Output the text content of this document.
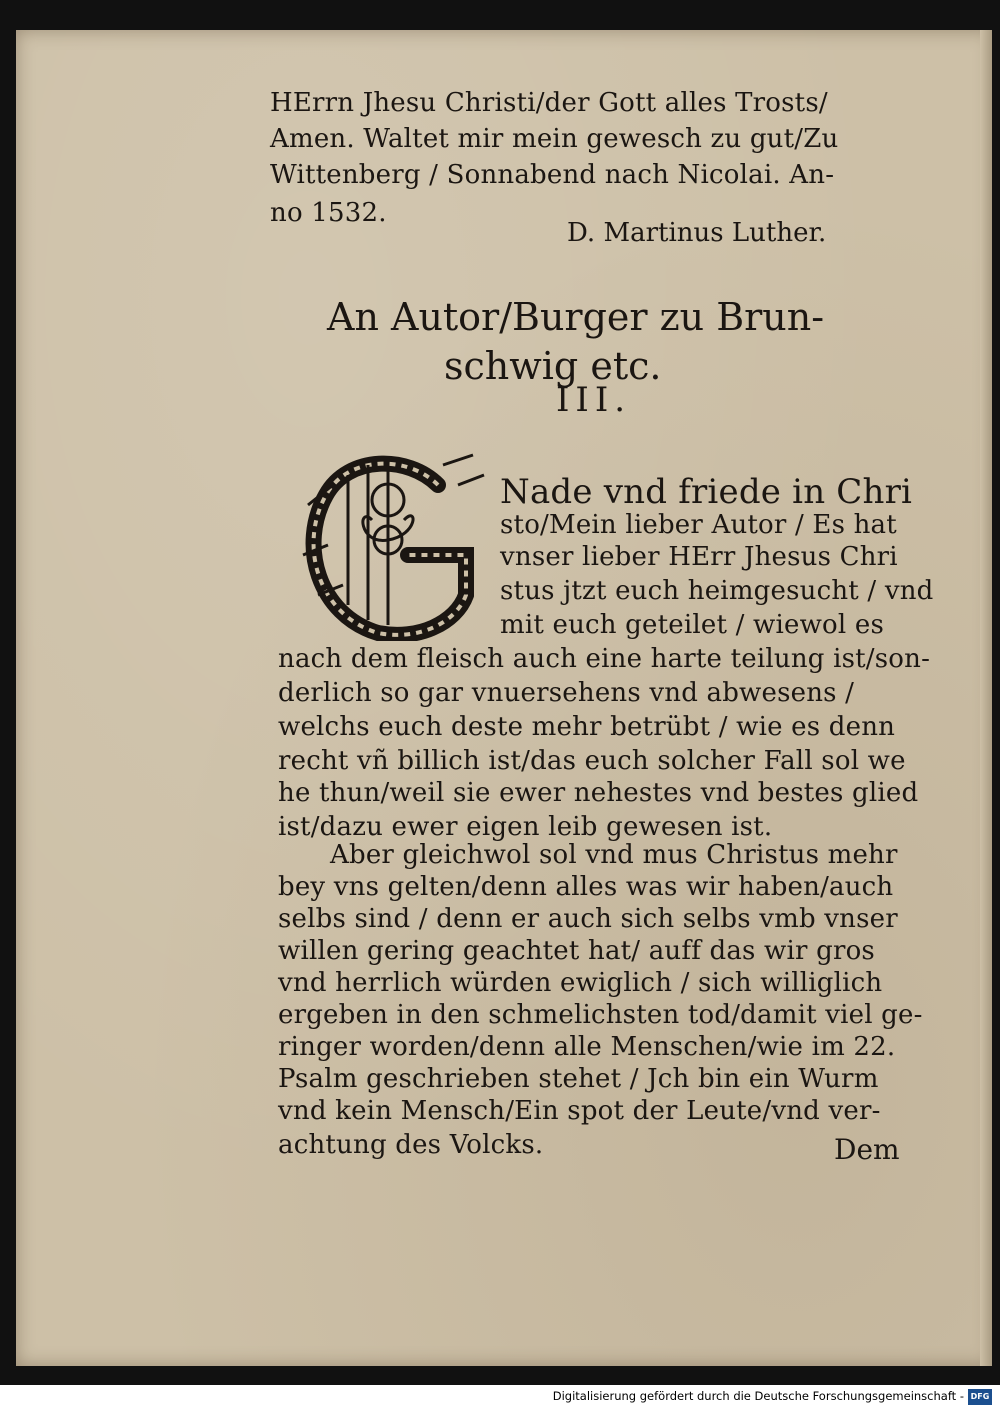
HErrn Jhesu Christi/der Gott alles Trosts/
Amen. Waltet mir mein gewesch zu gut/Zu
Wittenberg / Sonnabend nach Nicolai. An-
no 1532.
D. Martinus Luther.
An Autor/Burger zu Brun-
schwig etc.
III.
Nade vnd friede in Chri
sto/Mein lieber Autor / Es hat
vnser lieber HErr Jhesus Chri
stus jtzt euch heimgesucht / vnd
mit euch geteilet / wiewol es
nach dem fleisch auch eine harte teilung ist/son-
derlich so gar vnuersehens vnd abwesens /
welchs euch deste mehr betrübt / wie es denn
recht vñ billich ist/das euch solcher Fall sol we
he thun/weil sie ewer nehestes vnd bestes glied
ist/dazu ewer eigen leib gewesen ist.
Aber gleichwol sol vnd mus Christus mehr
bey vns gelten/denn alles was wir haben/auch
selbs sind / denn er auch sich selbs vmb vnser
willen gering geachtet hat/ auff das wir gros
vnd herrlich würden ewiglich / sich williglich
ergeben in den schmelichsten tod/damit viel ge-
ringer worden/denn alle Menschen/wie im 22.
Psalm geschrieben stehet / Jch bin ein Wurm
vnd kein Mensch/Ein spot der Leute/vnd ver-
achtung des Volcks.	Dem
Digitalisierung gefördert durch die Deutsche Forschungsgemeinschaft - DFG
